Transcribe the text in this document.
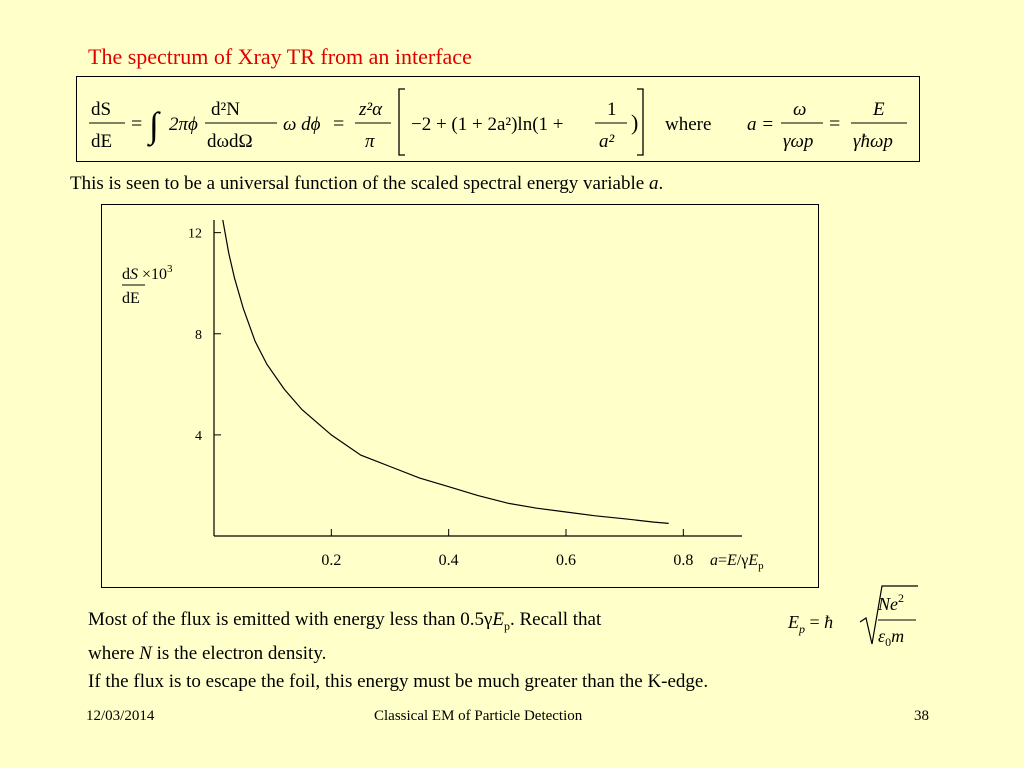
The spectrum of Xray TR from an interface
dS
dE
= ∫ 2πϕ
d²N
dωdΩ
ω dϕ =
z²α
π
−2 + (1 + 2a²)ln(1 +
1
a²
) where a =
ω
γωp
=
E
γħωp
This is seen to be a universal function of the scaled spectral energy variable a.
0.2	0.4	0.6	0.8
4
8
12
dS $\times 10^3$
dE
$a=E/\gamma E_p$
Most of the flux is emitted with energy less than $0.5\gamma E_p$. Recall that
where N is the electron density.
If the flux is to escape the foil, this energy must be much greater than the K-edge.
$E_p$ = ħ
Ne$^2$
$\varepsilon_0m$
12/03/2014	Classical EM of Particle Detection	38
